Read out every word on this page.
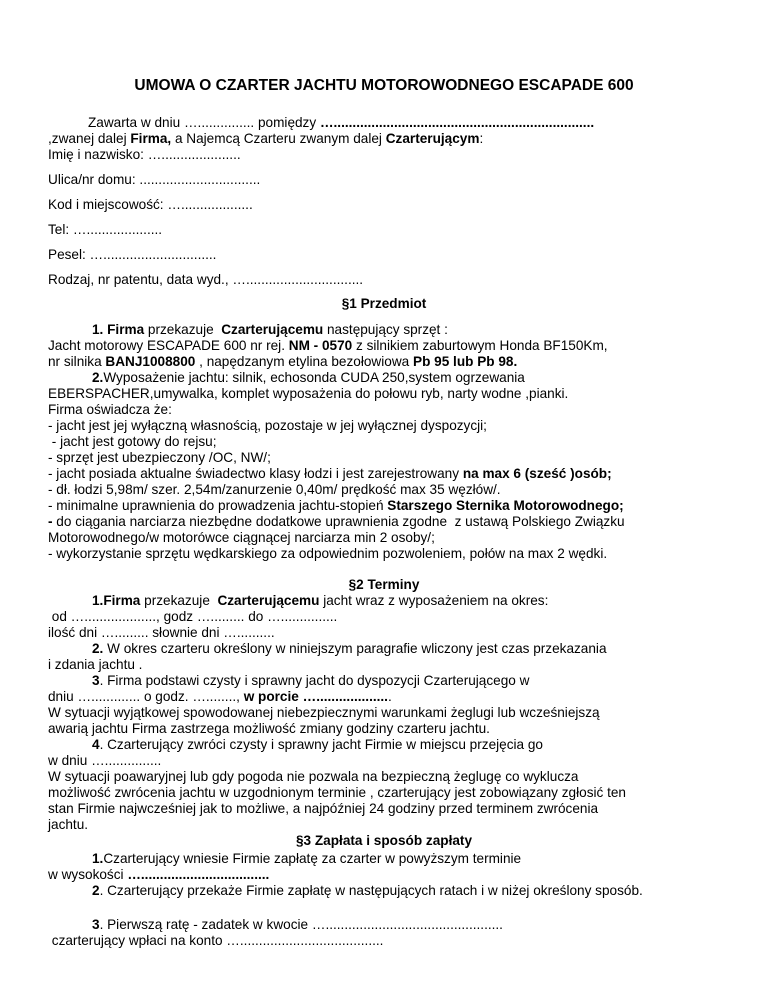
UMOWA O CZARTER JACHTU MOTOROWODNEGO ESCAPADE 600
Zawarta w dniu …............... pomiędzy ….....................................................................
,zwanej dalej Firma, a Najemcą Czarteru zwanym dalej Czarterującym:
Imię i nazwisko: ….....................
Ulica/nr domu: ................................
Kod i miejscowość: …...................
Tel: …....................
Pesel: …..............................
Rodzaj, nr patentu, data wyd., …...............................
§1 Przedmiot
1. Firma przekazuje  Czarterującemu następujący sprzęt :
Jacht motorowy ESCAPADE 600 nr rej. NM - 0570 z silnikiem zaburtowym Honda BF150Km,
nr silnika BANJ1008800 , napędzanym etylina bezołowiowa Pb 95 lub Pb 98.
2.Wyposażenie jachtu: silnik, echosonda CUDA 250,system ogrzewania
EBERSPACHER,umywalka, komplet wyposażenia do połowu ryb, narty wodne ,pianki.
Firma oświadcza że:
- jacht jest jej wyłączną własnością, pozostaje w jej wyłącznej dyspozycji;
- jacht jest gotowy do rejsu;
- sprzęt jest ubezpieczony /OC, NW/;
- jacht posiada aktualne świadectwo klasy łodzi i jest zarejestrowany na max 6 (sześć )osób;
- dł. łodzi 5,98m/ szer. 2,54m/zanurzenie 0,40m/ prędkość max 35 węzłów/.
- minimalne uprawnienia do prowadzenia jachtu-stopień Starszego Sternika Motorowodnego;
- do ciągania narciarza niezbędne dodatkowe uprawnienia zgodne  z ustawą Polskiego Związku
Motorowodnego/w motorówce ciągnącej narciarza min 2 osoby/;
- wykorzystanie sprzętu wędkarskiego za odpowiednim pozwoleniem, połów na max 2 wędki.
§2 Terminy
1.Firma przekazuje  Czarterującemu jacht wraz z wyposażeniem na okres:
od …..................., godz …......... do …...............
ilość dni …......... słownie dni …..........
2. W okres czarteru określony w niniejszym paragrafie wliczony jest czas przekazania
i zdania jachtu .
3. Firma podstawi czysty i sprawny jacht do dyspozycji Czarterującego w
dniu …............. o godz. …........, w porcie …....................
W sytuacji wyjątkowej spowodowanej niebezpiecznymi warunkami żeglugi lub wcześniejszą
awarią jachtu Firma zastrzega możliwość zmiany godziny czarteru jachtu.
4. Czarterujący zwróci czysty i sprawny jacht Firmie w miejscu przejęcia go
w dniu …...............
W sytuacji poawaryjnej lub gdy pogoda nie pozwala na bezpieczną żeglugę co wyklucza
możliwość zwrócenia jachtu w uzgodnionym terminie , czarterujący jest zobowiązany zgłosić ten
stan Firmie najwcześniej jak to możliwe, a najpóźniej 24 godziny przed terminem zwrócenia
jachtu.
§3 Zapłata i sposób zapłaty
1.Czarterujący wniesie Firmie zapłatę za czarter w powyższym terminie
w wysokości …..................................
2. Czarterujący przekaże Firmie zapłatę w następujących ratach i w niżej określony sposób.
3. Pierwszą ratę - zadatek w kwocie …...............................................
czarterujący wpłaci na konto …......................................
